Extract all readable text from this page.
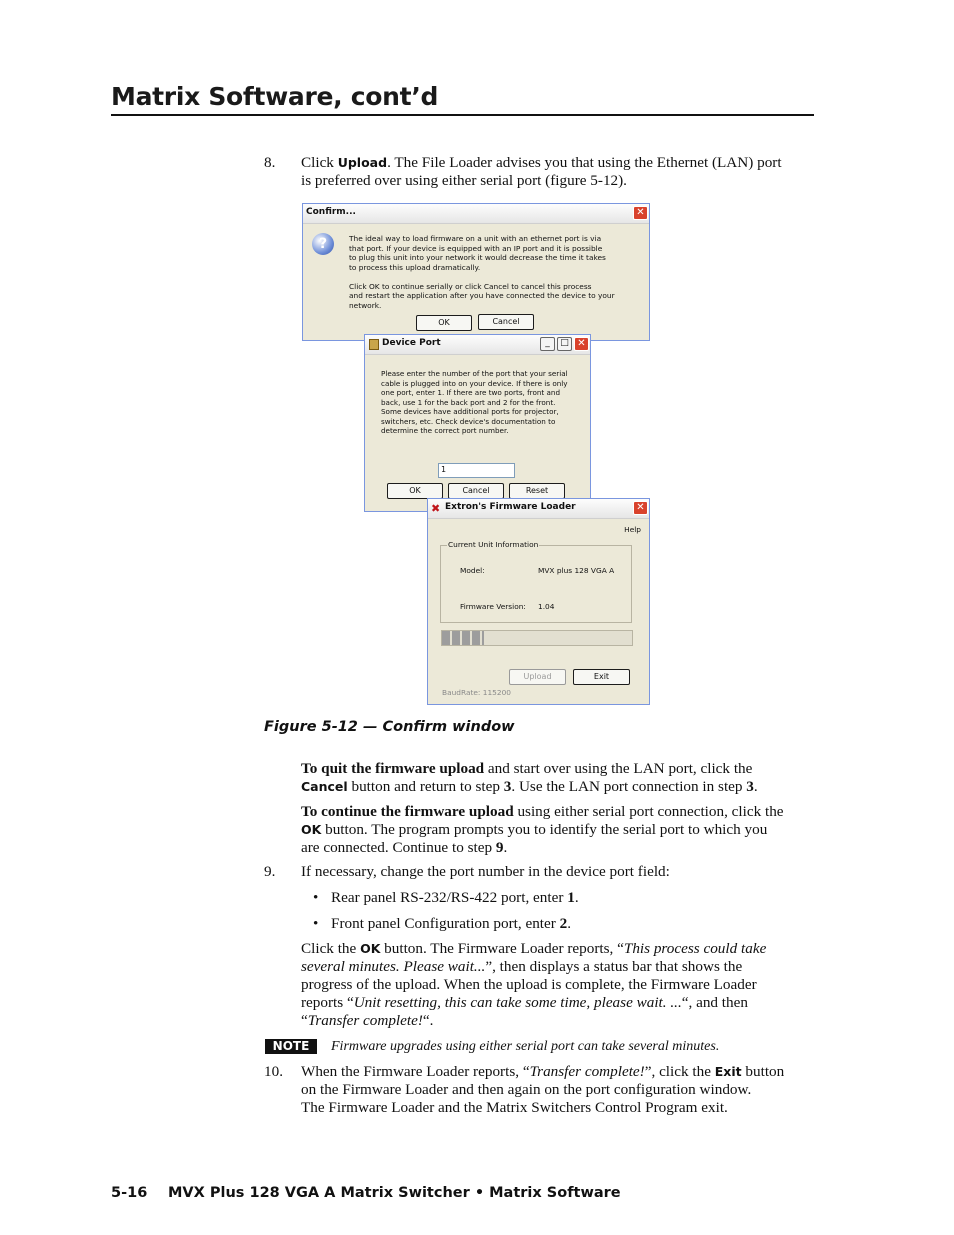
Matrix Software, cont’d
8. Click Upload. The File Loader advises you that using the Ethernet (LAN) port
is preferred over using either serial port (figure 5-12).
Confirm...	✕
?	The ideal way to load firmware on a unit with an ethernet port is via
that port. If your device is equipped with an IP port and it is possible
to plug this unit into your network it would decrease the time it takes
to process this upload dramatically.
Click OK to continue serially or click Cancel to cancel this process
and restart the application after you have connected the device to your network.
OK	Cancel
Device Port	_	□ ✕
Please enter the number of the port that your serial
cable is plugged into on your device. If there is only
one port, enter 1. If there are two ports, front and
back, use 1 for the back port and 2 for the front.
Some devices have additional ports for projector,
switchers, etc. Check device's documentation to
determine the correct port number.
1
OK	Cancel	Reset
✖ Extron's Firmware Loader	✕
Help
Current Unit Information
Model:	MVX plus 128 VGA A
Firmware Version: 1.04
Upload	Exit
BaudRate: 115200
Figure 5-12 — Confirm window
To quit the firmware upload and start over using the LAN port, click the
Cancel button and return to step 3. Use the LAN port connection in step 3.
To continue the firmware upload using either serial port connection, click the
OK button. The program prompts you to identify the serial port to which you
are connected. Continue to step 9.
9. If necessary, change the port number in the device port field:
• Rear panel RS-232/RS-422 port, enter 1.
• Front panel Configuration port, enter 2.
Click the OK button. The Firmware Loader reports, “This process could take
several minutes. Please wait...”, then displays a status bar that shows the
progress of the upload. When the upload is complete, the Firmware Loader
reports “Unit resetting, this can take some time, please wait. ...“, and then
“Transfer complete!“.
NOTE	Firmware upgrades using either serial port can take several minutes.
10. When the Firmware Loader reports, “Transfer complete!”, click the Exit button
on the Firmware Loader and then again on the port configuration window.
The Firmware Loader and the Matrix Switchers Control Program exit.
5-16 MVX Plus 128 VGA A Matrix Switcher • Matrix Software
